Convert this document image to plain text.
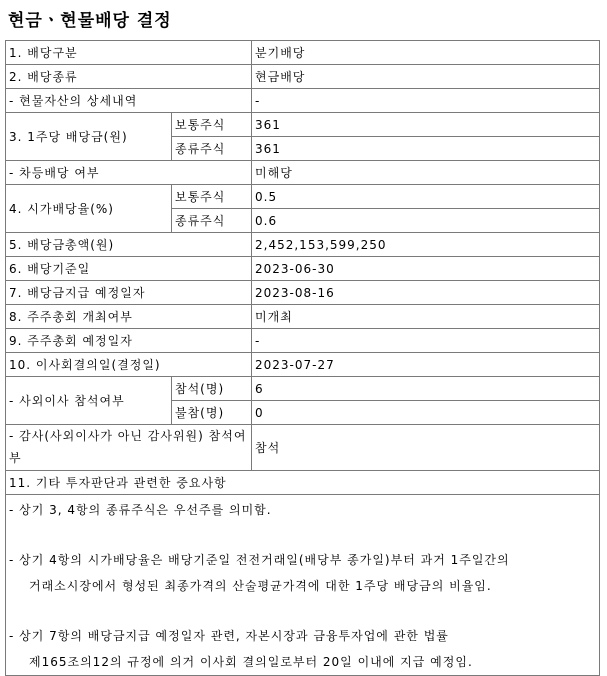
현금ㆍ현물배당 결정
1. 배당구분		분기배당
2. 배당종류		현금배당
- 현물자산의 상세내역		-
3. 1주당 배당금(원)	보통주식	361
	종류주식	361
- 차등배당 여부		미해당
4. 시가배당율(%)	보통주식	0.5
	종류주식	0.6
5. 배당금총액(원)		2,452,153,599,250
6. 배당기준일		2023-06-30
7. 배당금지급 예정일자		2023-08-16
8. 주주총회 개최여부		미개최
9. 주주총회 예정일자		-
10. 이사회결의일(결정일)		2023-07-27
- 사외이사 참석여부	참석(명)	6
	불참(명)	0
- 감사(사외이사가 아닌 감사위원) 참석여부		참석
11. 기타 투자판단과 관련한 중요사항		

- 상기 3, 4항의 종류주식은 우선주를 의미함.
- 상기 4항의 시가배당율은 배당기준일 전전거래일(배당부 종가일)부터 과거 1주일간의
거래소시장에서 형성된 최종가격의 산술평균가격에 대한 1주당 배당금의 비율임.
- 상기 7항의 배당금지급 예정일자 관련, 자본시장과 금융투자업에 관한 법률
제165조의12의 규정에 의거 이사회 결의일로부터 20일 이내에 지급 예정임.		
